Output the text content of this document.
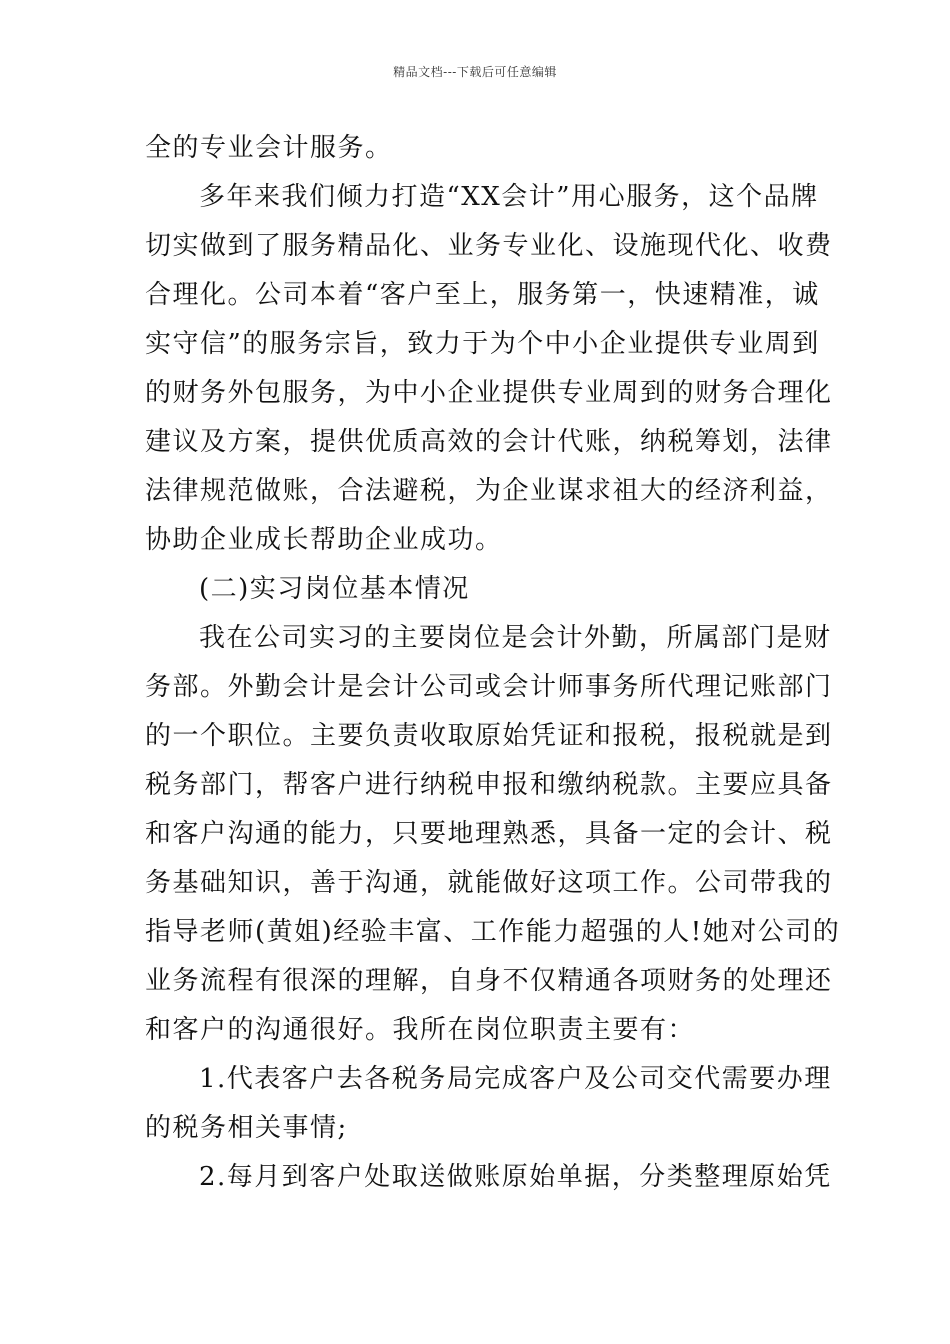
精品文档---下载后可任意编辑
全的专业会计服务。
多年来我们倾力打造“XX会计”用心服务，这个品牌
切实做到了服务精品化、业务专业化、设施现代化、收费
合理化。公司本着“客户至上，服务第一，快速精准，诚
实守信”的服务宗旨，致力于为个中小企业提供专业周到
的财务外包服务，为中小企业提供专业周到的财务合理化
建议及方案，提供优质高效的会计代账，纳税筹划，法律
法律规范做账，合法避税，为企业谋求祖大的经济利益，
协助企业成长帮助企业成功。
(二)实习岗位基本情况
我在公司实习的主要岗位是会计外勤，所属部门是财
务部。外勤会计是会计公司或会计师事务所代理记账部门
的一个职位。主要负责收取原始凭证和报税，报税就是到
税务部门，帮客户进行纳税申报和缴纳税款。主要应具备
和客户沟通的能力，只要地理熟悉，具备一定的会计、税
务基础知识，善于沟通，就能做好这项工作。公司带我的
指导老师(黄姐)经验丰富、工作能力超强的人!她对公司的
业务流程有很深的理解，自身不仅精通各项财务的处理还
和客户的沟通很好。我所在岗位职责主要有：
1.代表客户去各税务局完成客户及公司交代需要办理
的税务相关事情;
2.每月到客户处取送做账原始单据，分类整理原始凭
